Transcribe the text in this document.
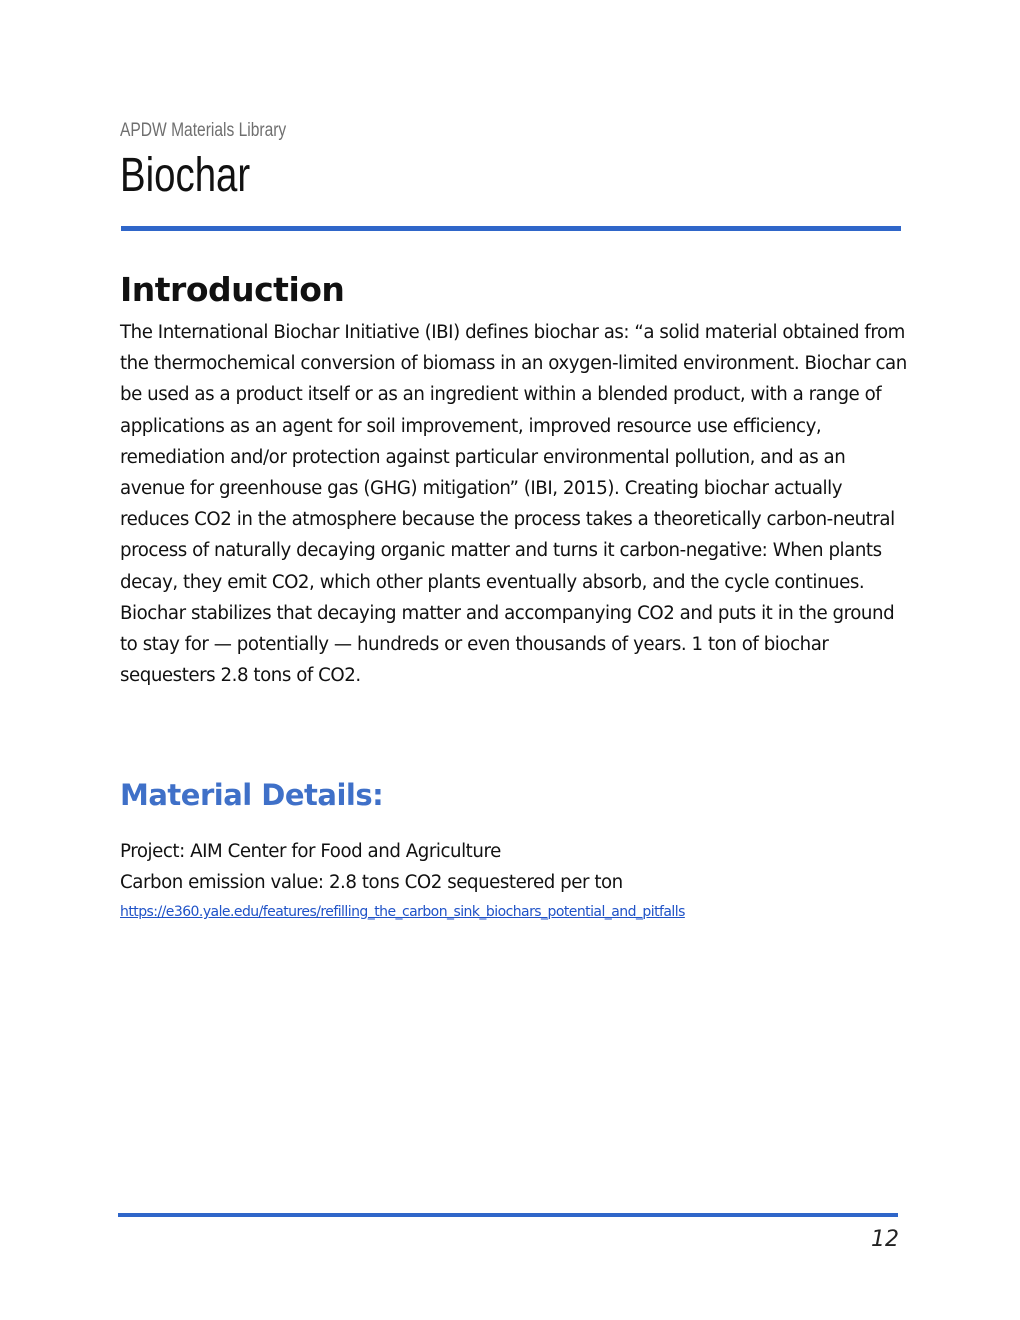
APDW Materials Library
Biochar
Introduction

The International Biochar Initiative (IBI) defines biochar as: “a solid material obtained from the thermochemical conversion of biomass in an oxygen-limited environment. Biochar can be used as a product itself or as an ingredient within a blended product, with a range of applications as an agent for soil improvement, improved resource use efficiency, remediation and/or protection against particular environmental pollution, and as an avenue for greenhouse gas (GHG) mitigation” (IBI, 2015). Creating biochar actually reduces CO2 in the atmosphere because the process takes a theoretically carbon-neutral process of naturally decaying organic matter and turns it carbon-negative: When plants decay, they emit CO2, which other plants eventually absorb, and the cycle continues. Biochar stabilizes that decaying matter and accompanying CO2 and puts it in the ground to stay for — potentially — hundreds or even thousands of years. 1 ton of biochar sequesters 2.8 tons of CO2.

Material Details:
Project: AIM Center for Food and Agriculture
Carbon emission value: 2.8 tons CO2 sequestered per ton
https://e360.yale.edu/features/refilling_the_carbon_sink_biochars_potential_and_pitfalls
12
